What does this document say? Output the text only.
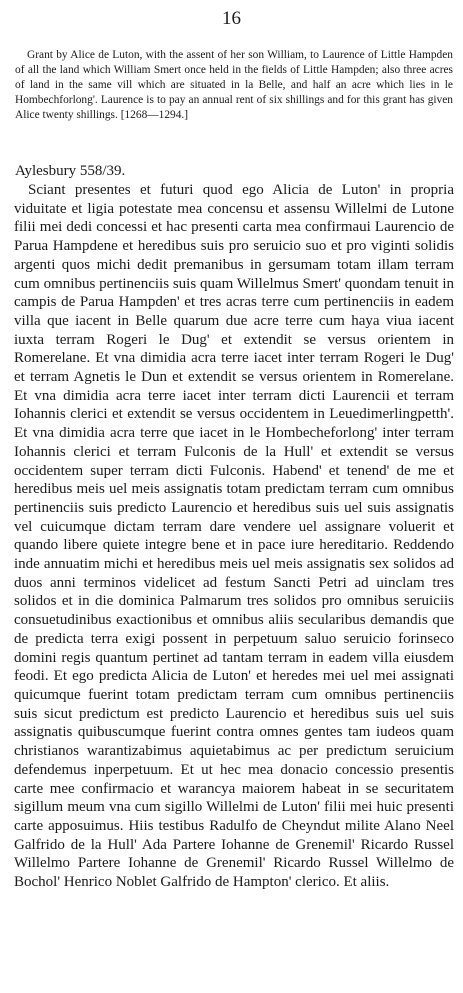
16

Grant by Alice de Luton, with the assent of her son William, to Laurence of Little Hampden of all the land which William Smert once held in the fields of Little Hampden; also three acres of land in the same vill which are situated in la Belle, and half an acre which lies in le Hombechforlong'. Laurence is to pay an annual rent of six shillings and for this grant has given Alice twenty shillings. [1268—1294.]

Aylesbury 558/39.

Sciant presentes et futuri quod ego Alicia de Luton' in propria viduitate et ligia potestate mea concensu et assensu Willelmi de Lutone filii mei dedi concessi et hac presenti carta mea confirmaui Laurencio de Parua Hampdene et heredibus suis pro seruicio suo et pro viginti solidis argenti quos michi dedit premanibus in gersumam totam illam terram cum omnibus pertinenciis suis quam Willelmus Smert' quondam tenuit in campis de Parua Hampden' et tres acras terre cum pertinenciis in eadem villa que iacent in Belle quarum due acre terre cum haya viua iacent iuxta terram Rogeri le Dug' et extendit se versus orientem in Romerelane. Et vna dimidia acra terre iacet inter terram Rogeri le Dug' et terram Agnetis le Dun et extendit se versus orientem in Romerelane. Et vna dimidia acra terre iacet inter terram dicti Laurencii et terram Iohannis clerici et extendit se versus occidentem in Leuedimerlingpetth'. Et vna dimidia acra terre que iacet in le Hombecheforlong' inter terram Iohannis clerici et terram Fulconis de la Hull' et extendit se versus occidentem super terram dicti Fulconis. Habend' et tenend' de me et heredibus meis uel meis assignatis totam predictam terram cum omnibus pertinenciis suis predicto Laurencio et heredibus suis uel suis assignatis vel cuicumque dictam terram dare vendere uel assignare voluerit et quando libere quiete integre bene et in pace iure hereditario. Reddendo inde annuatim michi et heredibus meis uel meis assignatis sex solidos ad duos anni terminos videlicet ad festum Sancti Petri ad uinclam tres solidos et in die dominica Palmarum tres solidos pro omnibus seruiciis consuetudinibus exactionibus et omnibus aliis secularibus demandis que de predicta terra exigi possent in perpetuum saluo seruicio forinseco domini regis quantum pertinet ad tantam terram in eadem villa eiusdem feodi. Et ego predicta Alicia de Luton' et heredes mei uel mei assignati quicumque fuerint totam predictam terram cum omnibus pertinenciis suis sicut predictum est predicto Laurencio et heredibus suis uel suis assignatis quibuscumque fuerint contra omnes gentes tam iudeos quam christianos warantizabimus aquietabimus ac per predictum seruicium defendemus inperpetuum. Et ut hec mea donacio concessio presentis carte mee confirmacio et warancya maiorem habeat in se securitatem sigillum meum vna cum sigillo Willelmi de Luton' filii mei huic presenti carte apposuimus. Hiis testibus Radulfo de Cheyndut milite Alano Neel Galfrido de la Hull' Ada Partere Iohanne de Grenemil' Ricardo Russel Willelmo Partere Iohanne de Grenemil' Ricardo Russel Willelmo de Bochol' Henrico Noblet Galfrido de Hampton' clerico. Et aliis.
